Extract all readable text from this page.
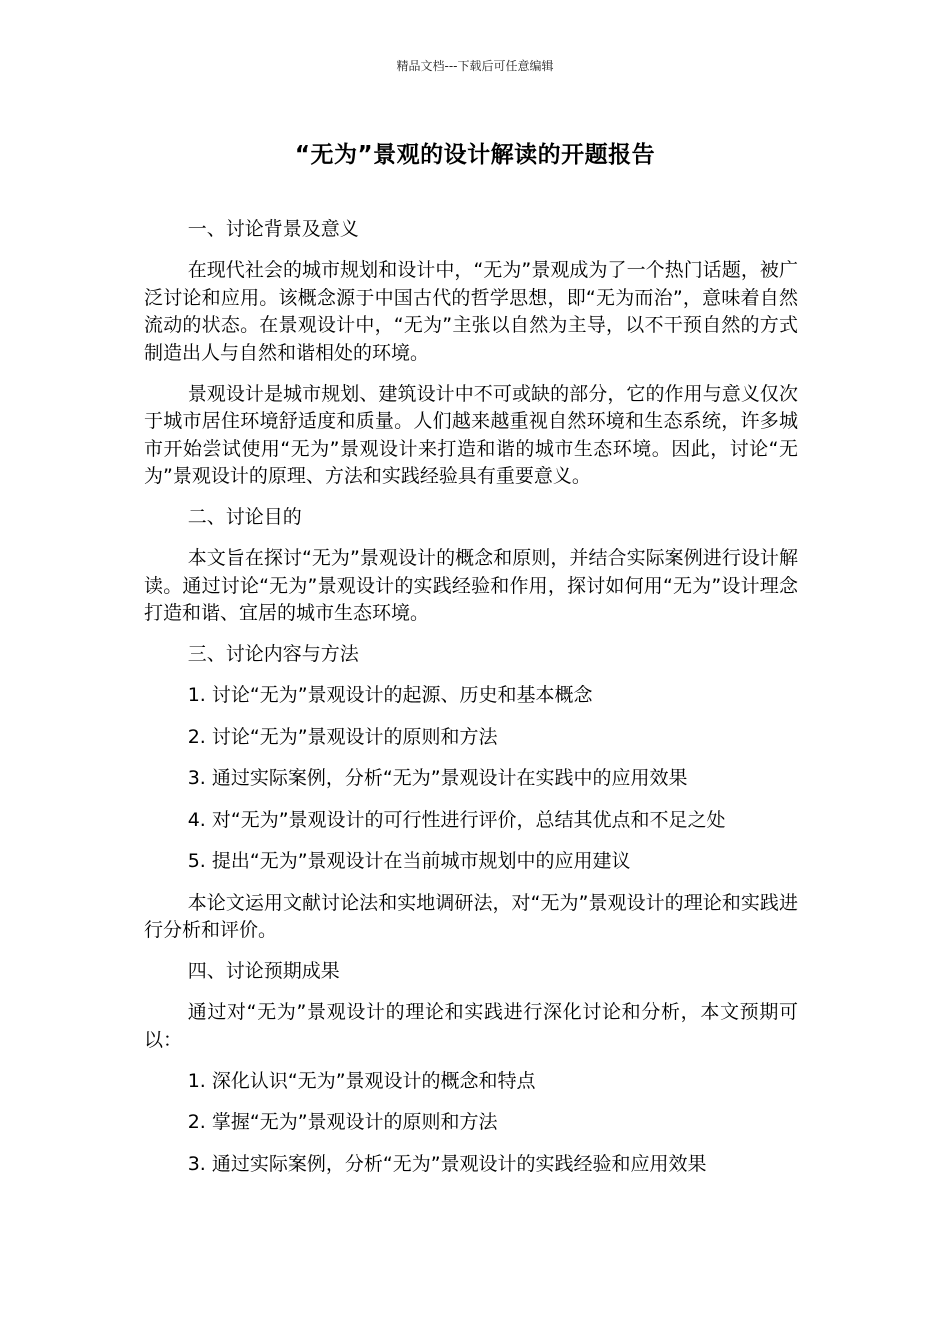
精品文档---下载后可任意编辑
“无为”景观的设计解读的开题报告
一、讨论背景及意义

在现代社会的城市规划和设计中，“无为”景观成为了一个热门话题，被广泛讨论和应用。该概念源于中国古代的哲学思想，即“无为而治”，意味着自然流动的状态。在景观设计中，“无为”主张以自然为主导，以不干预自然的方式制造出人与自然和谐相处的环境。

景观设计是城市规划、建筑设计中不可或缺的部分，它的作用与意义仅次于城市居住环境舒适度和质量。人们越来越重视自然环境和生态系统，许多城市开始尝试使用“无为”景观设计来打造和谐的城市生态环境。因此，讨论“无为”景观设计的原理、方法和实践经验具有重要意义。

二、讨论目的

本文旨在探讨“无为”景观设计的概念和原则，并结合实际案例进行设计解读。通过讨论“无为”景观设计的实践经验和作用，探讨如何用“无为”设计理念打造和谐、宜居的城市生态环境。

三、讨论内容与方法
1. 讨论“无为”景观设计的起源、历史和基本概念
2. 讨论“无为”景观设计的原则和方法
3. 通过实际案例，分析“无为”景观设计在实践中的应用效果
4. 对“无为”景观设计的可行性进行评价，总结其优点和不足之处
5. 提出“无为”景观设计在当前城市规划中的应用建议

本论文运用文献讨论法和实地调研法，对“无为”景观设计的理论和实践进行分析和评价。

四、讨论预期成果

通过对“无为”景观设计的理论和实践进行深化讨论和分析，本文预期可以：

1. 深化认识“无为”景观设计的概念和特点
2. 掌握“无为”景观设计的原则和方法
3. 通过实际案例，分析“无为”景观设计的实践经验和应用效果
